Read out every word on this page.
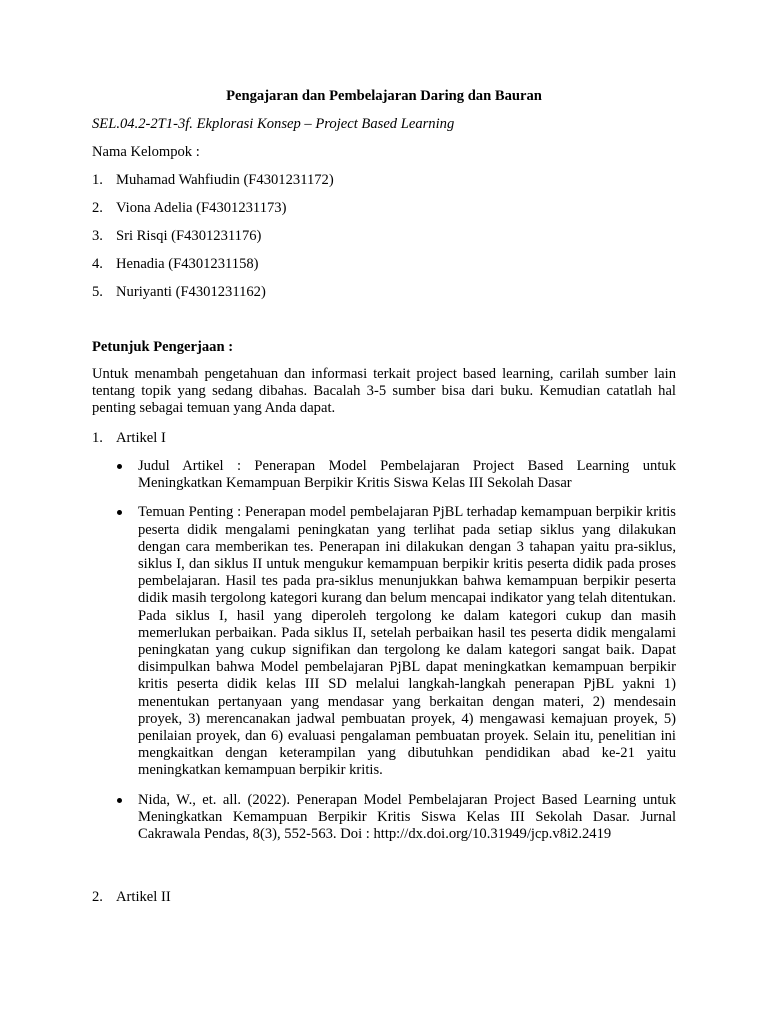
Pengajaran dan Pembelajaran Daring dan Bauran
SEL.04.2-2T1-3f. Ekplorasi Konsep – Project Based Learning
Nama Kelompok :
1. Muhamad Wahfiudin (F4301231172)
2. Viona Adelia (F4301231173)
3. Sri Risqi (F4301231176)
4. Henadia (F4301231158)
5. Nuriyanti (F4301231162)
Petunjuk Pengerjaan :

Untuk menambah pengetahuan dan informasi terkait project based learning, carilah sumber lain tentang topik yang sedang dibahas. Bacalah 3-5 sumber bisa dari buku. Kemudian catatlah hal penting sebagai temuan yang Anda dapat.

1. Artikel I
Judul Artikel : Penerapan Model Pembelajaran Project Based Learning untuk Meningkatkan Kemampuan Berpikir Kritis Siswa Kelas III Sekolah Dasar
Temuan Penting : Penerapan model pembelajaran PjBL terhadap kemampuan berpikir kritis peserta didik mengalami peningkatan yang terlihat pada setiap siklus yang dilakukan dengan cara memberikan tes. Penerapan ini dilakukan dengan 3 tahapan yaitu pra-siklus, siklus I, dan siklus II untuk mengukur kemampuan berpikir kritis peserta didik pada proses pembelajaran. Hasil tes pada pra-siklus menunjukkan bahwa kemampuan berpikir peserta didik masih tergolong kategori kurang dan belum mencapai indikator yang telah ditentukan. Pada siklus I, hasil yang diperoleh tergolong ke dalam kategori cukup dan masih memerlukan perbaikan. Pada siklus II, setelah perbaikan hasil tes peserta didik mengalami peningkatan yang cukup signifikan dan tergolong ke dalam kategori sangat baik. Dapat disimpulkan bahwa Model pembelajaran PjBL dapat meningkatkan kemampuan berpikir kritis peserta didik kelas III SD melalui langkah-langkah penerapan PjBL yakni 1) menentukan pertanyaan yang mendasar yang berkaitan dengan materi, 2) mendesain proyek, 3) merencanakan jadwal pembuatan proyek, 4) mengawasi kemajuan proyek, 5) penilaian proyek, dan 6) evaluasi pengalaman pembuatan proyek. Selain itu, penelitian ini mengkaitkan dengan keterampilan yang dibutuhkan pendidikan abad ke-21 yaitu meningkatkan kemampuan berpikir kritis.
Nida, W., et. all. (2022). Penerapan Model Pembelajaran Project Based Learning untuk Meningkatkan Kemampuan Berpikir Kritis Siswa Kelas III Sekolah Dasar. Jurnal Cakrawala Pendas, 8(3), 552-563. Doi : http://dx.doi.org/10.31949/jcp.v8i2.2419
2. Artikel II
